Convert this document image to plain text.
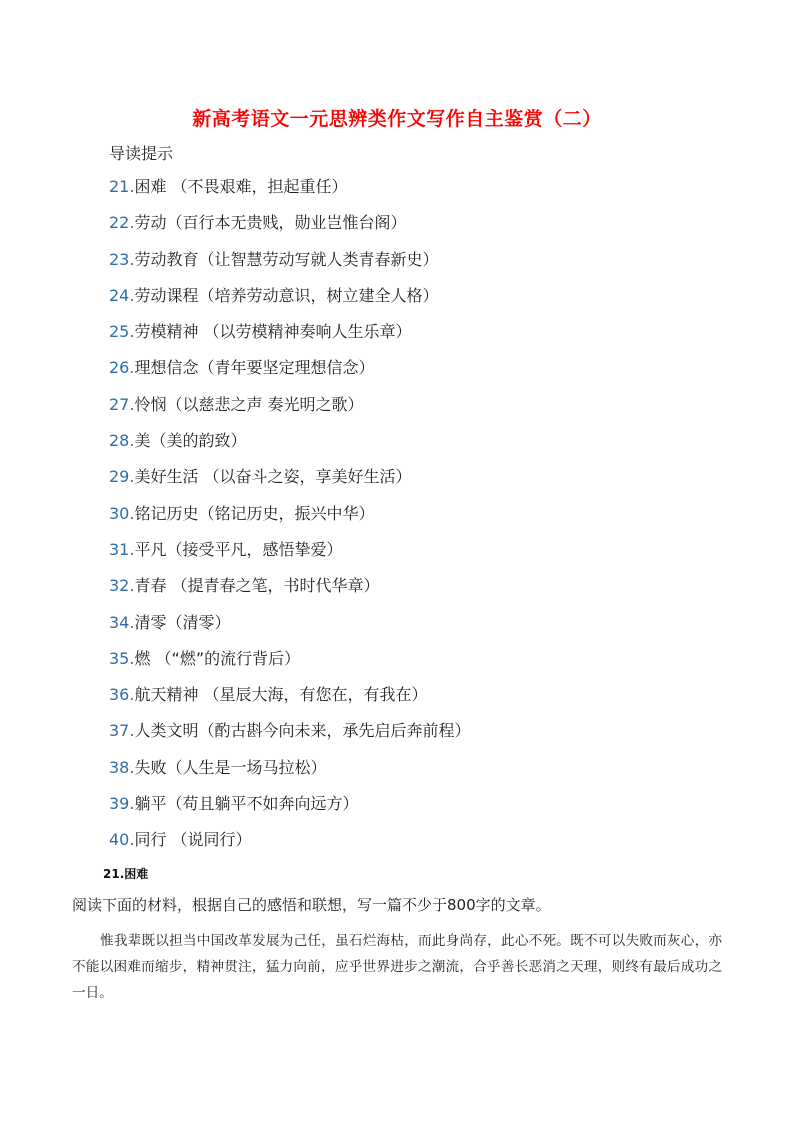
新高考语文一元思辨类作文写作自主鉴赏（二）
导读提示
21.困难 （不畏艰难，担起重任）
22.劳动（百行本无贵贱，勋业岂惟台阁）
23.劳动教育（让智慧劳动写就人类青春新史）
24.劳动课程（培养劳动意识，树立建全人格）
25.劳模精神 （以劳模精神奏响人生乐章）
26.理想信念（青年要坚定理想信念）
27.怜悯（以慈悲之声 奏光明之歌）
28.美（美的韵致）
29.美好生活 （以奋斗之姿，享美好生活）
30.铭记历史（铭记历史，振兴中华）
31.平凡（接受平凡，感悟挚爱）
32.青春 （提青春之笔，书时代华章）
34.清零（清零）
35.燃 （“燃”的流行背后）
36.航天精神 （星辰大海，有您在，有我在）
37.人类文明（酌古斟今向未来，承先启后奔前程）
38.失败（人生是一场马拉松）
39.躺平（苟且躺平不如奔向远方）
40.同行 （说同行）
21.困难
阅读下面的材料，根据自己的感悟和联想，写一篇不少于800字的文章。

惟我辈既以担当中国改革发展为己任，虽石烂海枯，而此身尚存，此心不死。既不可以失败而灰心，亦不能以困难而缩步，精神贯注，猛力向前，应乎世界进步之潮流，合乎善长恶消之天理，则终有最后成功之一日。
